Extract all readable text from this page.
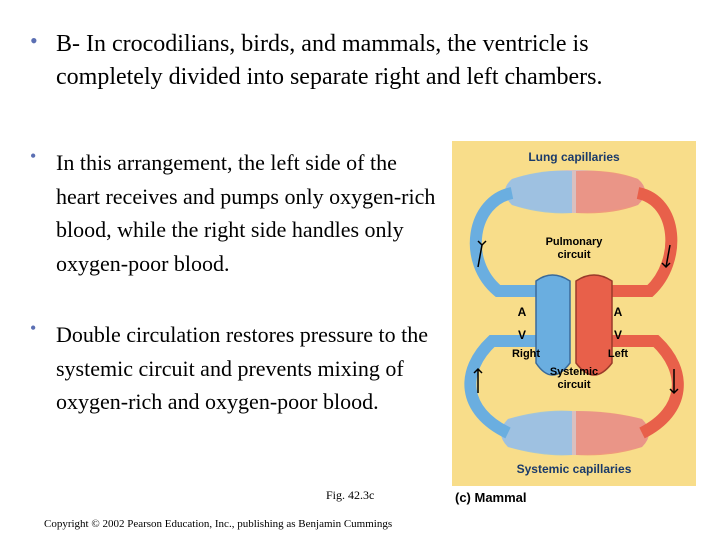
• B- In crocodilians, birds, and mammals, the ventricle is completely divided into separate right and left chambers.
• In this arrangement, the left side of the heart receives and pumps only oxygen-rich blood, while the right side handles only oxygen-poor blood.
• Double circulation restores pressure to the systemic circuit and prevents mixing of oxygen-rich and oxygen-poor blood.
Lung capillaries
Pulmonary
circuit
Systemic
circuit
Systemic capillaries
A
V
A
V
Right	Left
(c) Mammal
Fig. 42.3c
Copyright © 2002 Pearson Education, Inc., publishing as Benjamin Cummings
